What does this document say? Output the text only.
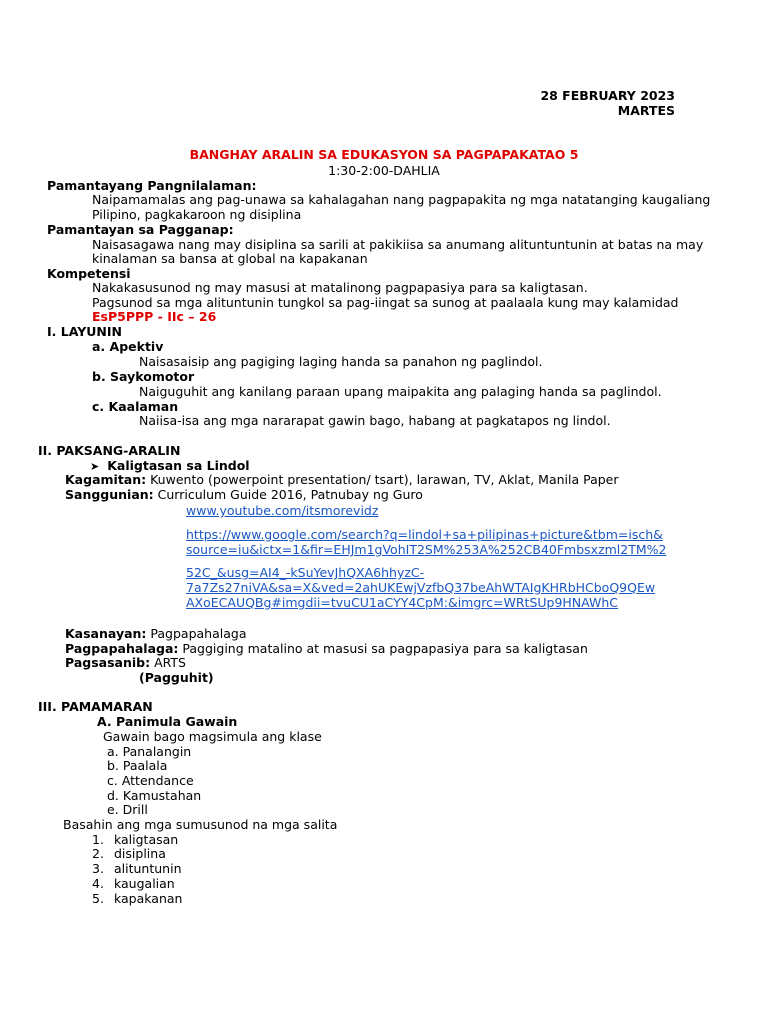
28 FEBRUARY 2023
MARTES
BANGHAY ARALIN SA EDUKASYON SA PAGPAPAKATAO 5
1:30-2:00-DAHLIA
Pamantayang Pangnilalaman:
Naipamamalas ang pag-unawa sa kahalagahan nang pagpapakita ng mga natatanging kaugaliang
Pilipino, pagkakaroon ng disiplina
Pamantayan sa Pagganap:
Naisasagawa nang may disiplina sa sarili at pakikiisa sa anumang alituntuntunin at batas na may
kinalaman sa bansa at global na kapakanan
Kompetensi
Nakakasusunod ng may masusi at matalinong pagpapasiya para sa kaligtasan.
Pagsunod sa mga alituntunin tungkol sa pag-iingat sa sunog at paalaala kung may kalamidad
EsP5PPP - IIc – 26
I. LAYUNIN
a. Apektiv
Naisasaisip ang pagiging laging handa sa panahon ng paglindol.
b. Saykomotor
Naiguguhit ang kanilang paraan upang maipakita ang palaging handa sa paglindol.
c. Kaalaman
Naiisa-isa ang mga nararapat gawin bago, habang at pagkatapos ng lindol.
II. PAKSANG-ARALIN
➤ Kaligtasan sa Lindol
Kagamitan: Kuwento (powerpoint presentation/ tsart), larawan, TV, Aklat, Manila Paper
Sanggunian: Curriculum Guide 2016, Patnubay ng Guro
www.youtube.com/itsmorevidz
https://www.google.com/search?q=lindol+sa+pilipinas+picture&tbm=isch&
source=iu&ictx=1&fir=EHJm1gVohIT2SM%253A%252CB40Fmbsxzml2TM%2
52C_&usg=AI4_-kSuYevJhQXA6hhyzC-
7a7Zs27niVA&sa=X&ved=2ahUKEwjVzfbQ37beAhWTAIgKHRbHCboQ9QEw
AXoECAUQBg#imgdii=tvuCU1aCYY4CpM:&imgrc=WRtSUp9HNAWhC
Kasanayan: Pagpapahalaga
Pagpapahalaga: Paggiging matalino at masusi sa pagpapasiya para sa kaligtasan
Pagsasanib: ARTS
(Pagguhit)
III. PAMAMARAN
A. Panimula Gawain
Gawain bago magsimula ang klase
a. Panalangin
b. Paalala
c. Attendance
d. Kamustahan
e. Drill
Basahin ang mga sumusunod na mga salita
1. kaligtasan
2. disiplina
3. alituntunin
4. kaugalian
5. kapakanan
